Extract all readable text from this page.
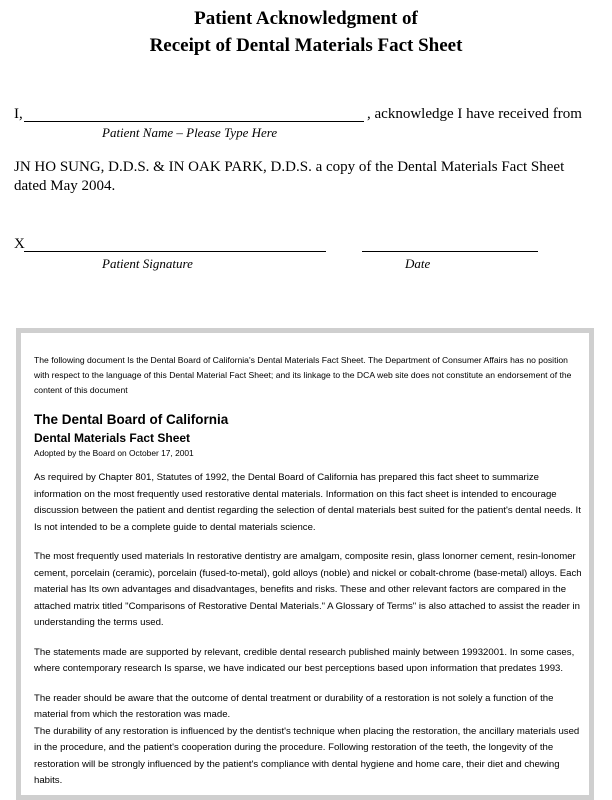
Patient Acknowledgment of
Receipt of Dental Materials Fact Sheet
I,	, acknowledge I have received from
Patient Name – Please Type Here
JN HO SUNG, D.D.S. & IN OAK PARK, D.D.S. a copy of the Dental Materials Fact Sheet
dated May 2004.
X
Patient Signature	Date

The following document Is the Dental Board of California's Dental Materials Fact Sheet. The Department of Consumer Affairs has no position with respect to the language of this Dental Material Fact Sheet; and its linkage to the DCA web site does not constitute an endorsement of the content of this document

The Dental Board of California

Dental Materials Fact Sheet

Adopted by the Board on October 17, 2001

As required by Chapter 801, Statutes of 1992, the Dental Board of California has prepared this fact sheet to summarize information on the most frequently used restorative dental materials. Information on this fact sheet is intended to encourage discussion between the patient and dentist regarding the selection of dental materials best suited for the patient's dental needs. It Is not intended to be a complete guide to dental materials science.

The most frequently used materials In restorative dentistry are amalgam, composite resin, glass lonorner cement, resin-lonomer cement, porcelain (ceramic), porcelain (fused-to-metal), gold alloys (noble) and nickel or cobalt-chrome (base-metal) alloys. Each material has Its own advantages and disadvantages, benefits and risks. These and other relevant factors are compared in the attached matrix titled "Comparisons of Restorative Dental Materials." A Glossary of Terms" is also attached to assist the reader in understanding the terms used.

The statements made are supported by relevant, credible dental research published mainly between 19932001. In some cases, where contemporary research Is sparse, we have indicated our best perceptions based upon information that predates 1993.

The reader should be aware that the outcome of dental treatment or durability of a restoration is not solely a function of the material from which the restoration was made.

The durability of any restoration is influenced by the dentist's technique when placing the restoration, the ancillary materials used in the procedure, and the patient's cooperation during the procedure. Following restoration of the teeth, the longevity of the restoration will be strongly influenced by the patient's compliance with dental hygiene and home care, their diet and chewing habits.
